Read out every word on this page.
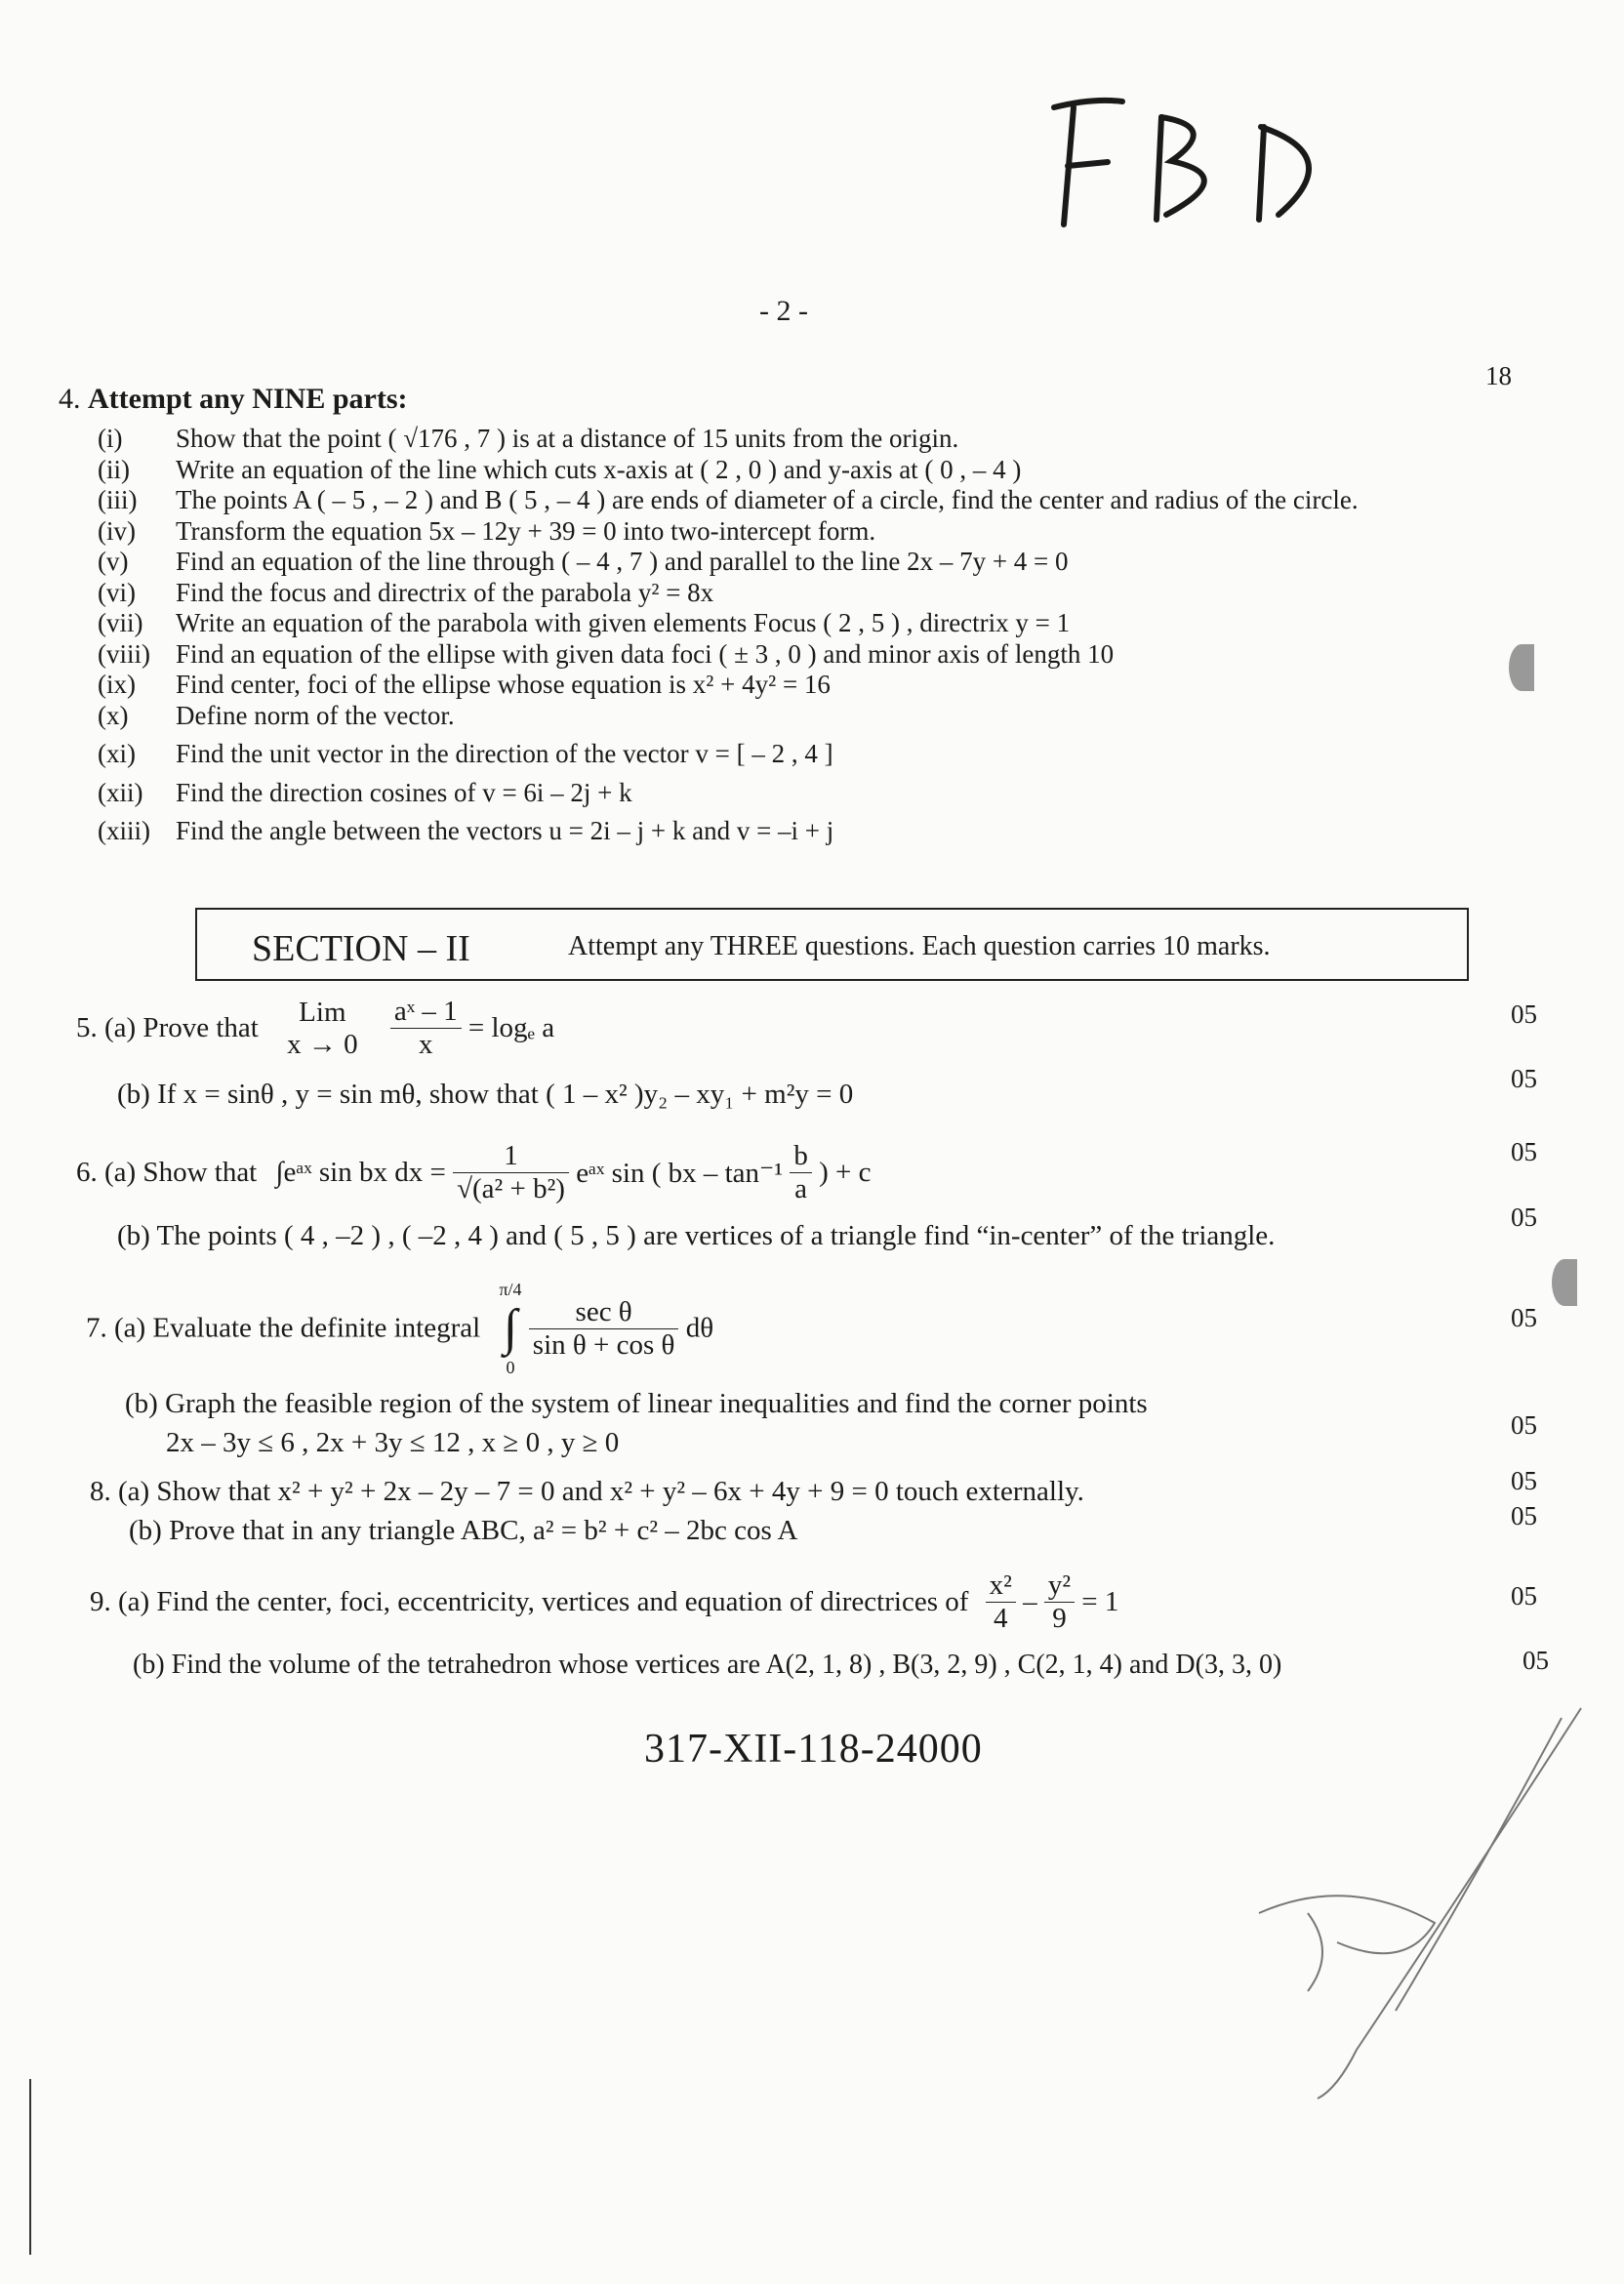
- 2 -
18
4. Attempt any NINE parts:
(i) Show that the point ( √176 , 7 ) is at a distance of 15 units from the origin.
(ii) Write an equation of the line which cuts x-axis at ( 2 , 0 ) and y-axis at ( 0 , – 4 )
(iii) The points A ( – 5 , – 2 ) and B ( 5 , – 4 ) are ends of diameter of a circle, find the center and radius of the circle.
(iv) Transform the equation 5x – 12y + 39 = 0 into two-intercept form.
(v) Find an equation of the line through ( – 4 , 7 ) and parallel to the line 2x – 7y + 4 = 0
(vi) Find the focus and directrix of the parabola y² = 8x
(vii) Write an equation of the parabola with given elements Focus ( 2 , 5 ) , directrix y = 1
(viii) Find an equation of the ellipse with given data foci ( ± 3 , 0 ) and minor axis of length 10
(ix) Find center, foci of the ellipse whose equation is x² + 4y² = 16
(x) Define norm of the vector.
(xi) Find the unit vector in the direction of the vector v = [ – 2 , 4 ]
(xii) Find the direction cosines of v = 6i – 2j + k
(xiii) Find the angle between the vectors u = 2i – j + k and v = –i + j
SECTION – II	Attempt any THREE questions. Each question carries 10 marks.
5. (a) Prove that
Lim
x → 0
$\frac{\text{aˣ – 1}}{x} = \log_e$ a	05
(b) If x = sinθ , y = sin mθ, show that ( 1 – x² )y₂ – xy₁ + m²y = 0	05
6. (a) Show that ∫eᵃˣ sin bx dx = $\frac{1}{\text{√(a² + b²)}}$ eᵃˣ sin ( bx – $\tan^{-1} \frac{b}{a}$ ) + c
05
(b) The points ( 4 , –2 ) , ( –2 , 4 ) and ( 5 , 5 ) are vertices of a triangle find “in-center” of the triangle.
05
7. (a) Evaluate the definite integral
π/4
∫
0

sec θ
sin θ + cos θ
dθ	05
(b) Graph the feasible region of the system of linear inequalities and find the corner points
2x – 3y ≤ 6 , 2x + 3y ≤ 12 , x ≥ 0 , y ≥ 0
05
8. (a) Show that x² + y² + 2x – 2y – 7 = 0 and x² + y² – 6x + 4y + 9 = 0 touch externally.	05
(b) Prove that in any triangle ABC, a² = b² + c² – 2bc cos A	05
9. (a) Find the center, foci, eccentricity, vertices and equation of directrices of $\frac{\text{x²}}{4} - \frac{\text{y²}}{9} = 1$	05
(b) Find the volume of the tetrahedron whose vertices are A(2, 1, 8) , B(3, 2, 9) , C(2, 1, 4) and D(3, 3, 0)	05
317-XII-118-24000
